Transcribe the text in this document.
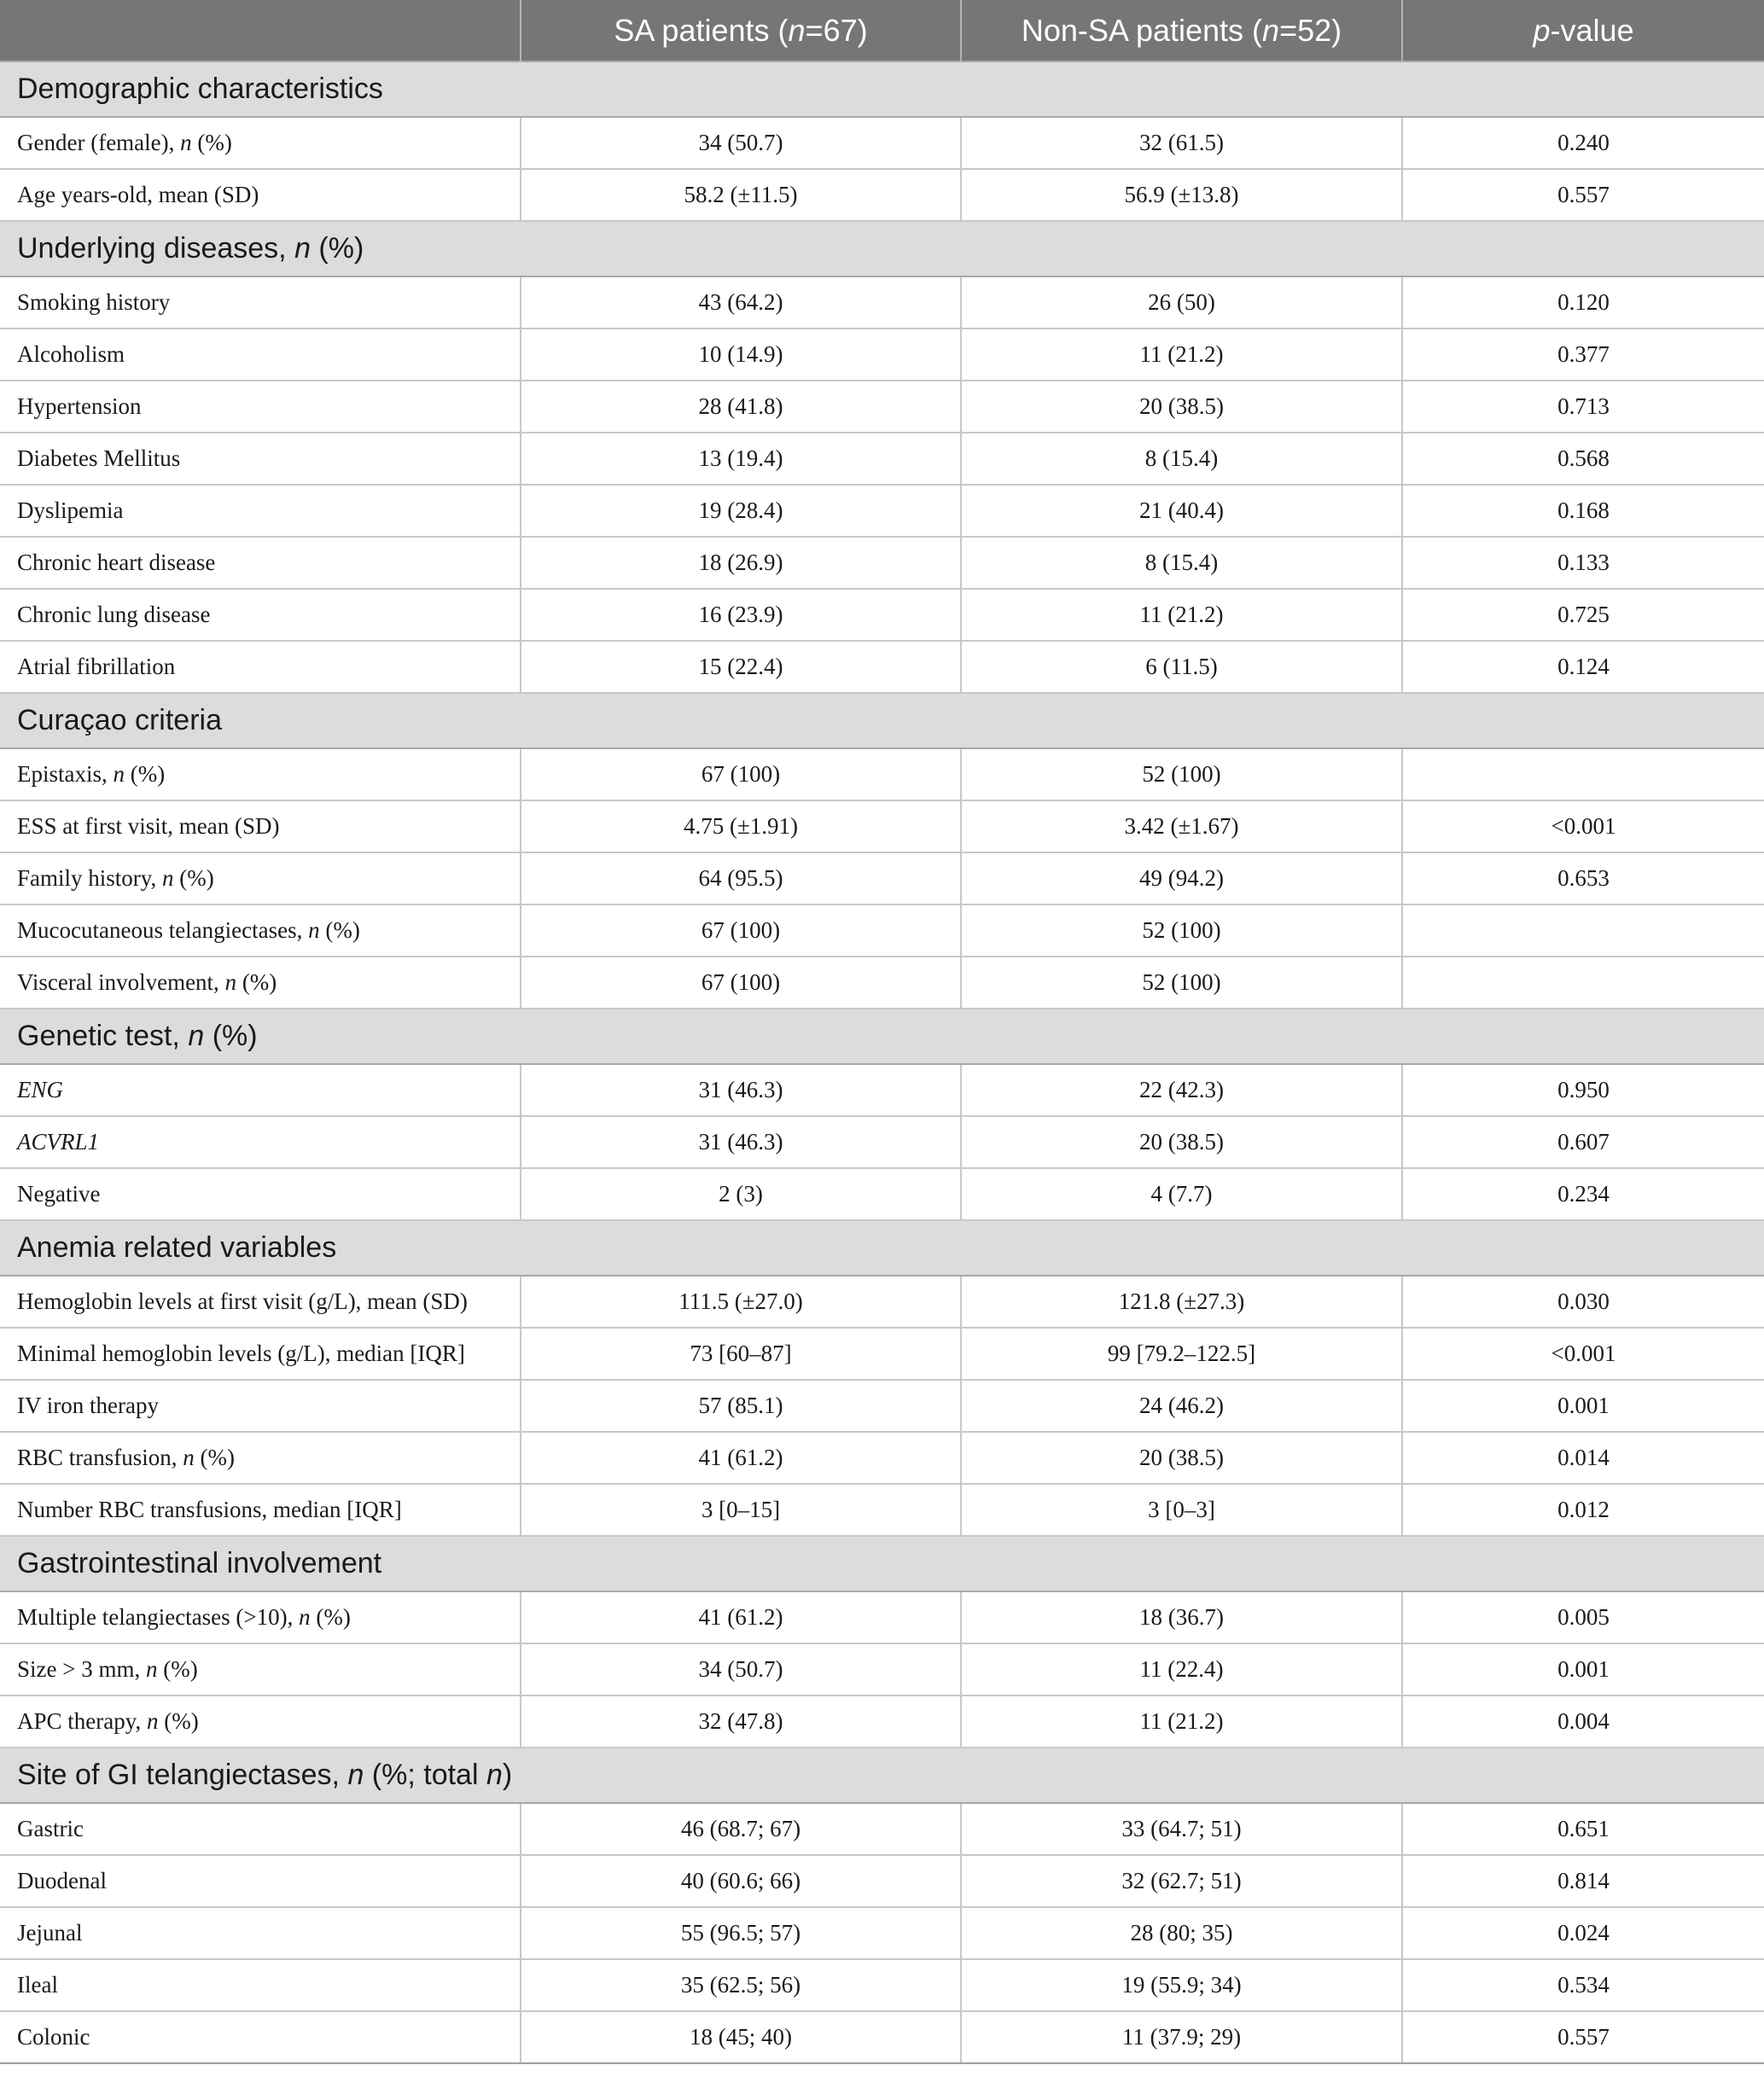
	SA patients (n=67)	Non-SA patients (n=52)	p-value
Demographic characteristics			
Gender (female), n (%)	34 (50.7)	32 (61.5)	0.240
Age years-old, mean (SD)	58.2 (±11.5)	56.9 (±13.8)	0.557
Underlying diseases, n (%)			
Smoking history	43 (64.2)	26 (50)	0.120
Alcoholism	10 (14.9)	11 (21.2)	0.377
Hypertension	28 (41.8)	20 (38.5)	0.713
Diabetes Mellitus	13 (19.4)	8 (15.4)	0.568
Dyslipemia	19 (28.4)	21 (40.4)	0.168
Chronic heart disease	18 (26.9)	8 (15.4)	0.133
Chronic lung disease	16 (23.9)	11 (21.2)	0.725
Atrial fibrillation	15 (22.4)	6 (11.5)	0.124
Curaçao criteria			
Epistaxis, n (%)	67 (100)	52 (100)	
ESS at first visit, mean (SD)	4.75 (±1.91)	3.42 (±1.67)	<0.001
Family history, n (%)	64 (95.5)	49 (94.2)	0.653
Mucocutaneous telangiectases, n (%)	67 (100)	52 (100)	
Visceral involvement, n (%)	67 (100)	52 (100)	
Genetic test, n (%)			
ENG	31 (46.3)	22 (42.3)	0.950
ACVRL1	31 (46.3)	20 (38.5)	0.607
Negative	2 (3)	4 (7.7)	0.234
Anemia related variables			
Hemoglobin levels at first visit (g/L), mean (SD)	111.5 (±27.0)	121.8 (±27.3)	0.030
Minimal hemoglobin levels (g/L), median [IQR]	73 [60–87]	99 [79.2–122.5]	<0.001
IV iron therapy	57 (85.1)	24 (46.2)	0.001
RBC transfusion, n (%)	41 (61.2)	20 (38.5)	0.014
Number RBC transfusions, median [IQR]	3 [0–15]	3 [0–3]	0.012
Gastrointestinal involvement			
Multiple telangiectases (>10), n (%)	41 (61.2)	18 (36.7)	0.005
Size > 3 mm, n (%)	34 (50.7)	11 (22.4)	0.001
APC therapy, n (%)	32 (47.8)	11 (21.2)	0.004
Site of GI telangiectases, n (%; total n)			
Gastric	46 (68.7; 67)	33 (64.7; 51)	0.651
Duodenal	40 (60.6; 66)	32 (62.7; 51)	0.814
Jejunal	55 (96.5; 57)	28 (80; 35)	0.024
Ileal	35 (62.5; 56)	19 (55.9; 34)	0.534
Colonic	18 (45; 40)	11 (37.9; 29)	0.557
